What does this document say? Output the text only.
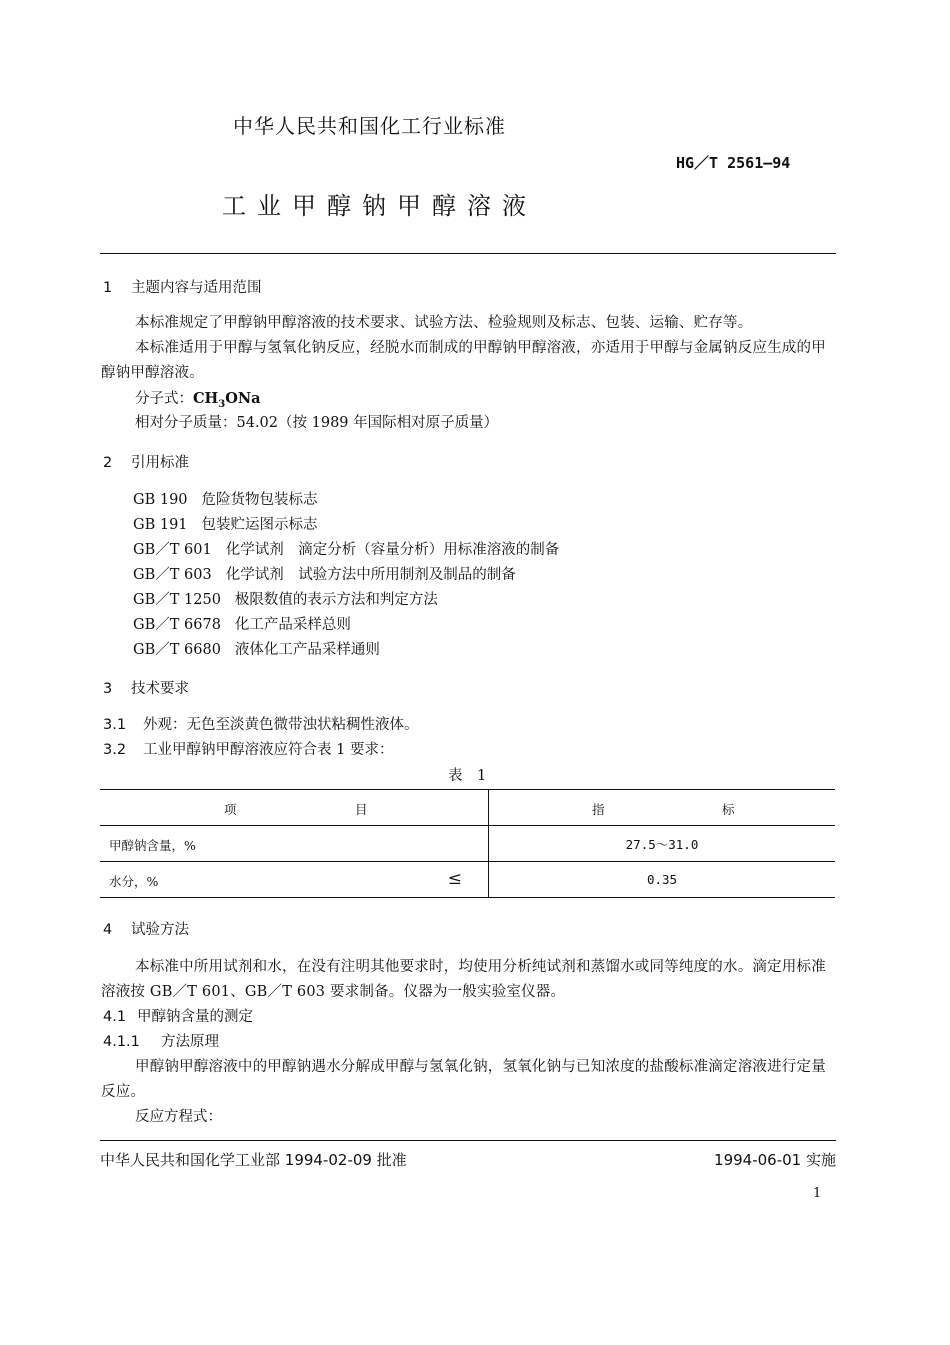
中华人民共和国化工行业标准
HG／T 2561—94
工业甲醇钠甲醇溶液
1 主题内容与适用范围
本标准规定了甲醇钠甲醇溶液的技术要求、试验方法、检验规则及标志、包装、运输、贮存等。
本标准适用于甲醇与氢氧化钠反应，经脱水而制成的甲醇钠甲醇溶液，亦适用于甲醇与金属钠反应生成的甲醇钠甲醇溶液。
分子式：$CH_3ONa$
相对分子质量：54.02（按 1989 年国际相对原子质量）
2 引用标准
GB 190 危险货物包装标志
GB 191 包装贮运图示标志
GB／T 601 化学试剂　滴定分析（容量分析）用标准溶液的制备
GB／T 603 化学试剂　试验方法中所用制剂及制品的制备
GB／T 1250 极限数值的表示方法和判定方法
GB／T 6678 化工产品采样总则
GB／T 6680 液体化工产品采样通则
3 技术要求
3.1 外观：无色至淡黄色微带浊状粘稠性液体。
3.2 工业甲醇钠甲醇溶液应符合表 1 要求：
表　1
项 目	指 标

甲醇钠含量，%	27.5～31.0

水分，% ≤	0.35
4 试验方法
本标准中所用试剂和水，在没有注明其他要求时，均使用分析纯试剂和蒸馏水或同等纯度的水。滴定用标准溶液按 GB／T 601、GB／T 603 要求制备。仪器为一般实验室仪器。
4.1 甲醇钠含量的测定
4.1.1 方法原理
甲醇钠甲醇溶液中的甲醇钠遇水分解成甲醇与氢氧化钠，氢氧化钠与已知浓度的盐酸标准滴定溶液进行定量反应。
反应方程式：
中华人民共和国化学工业部 1994-02-09 批准	1994-06-01 实施
1
